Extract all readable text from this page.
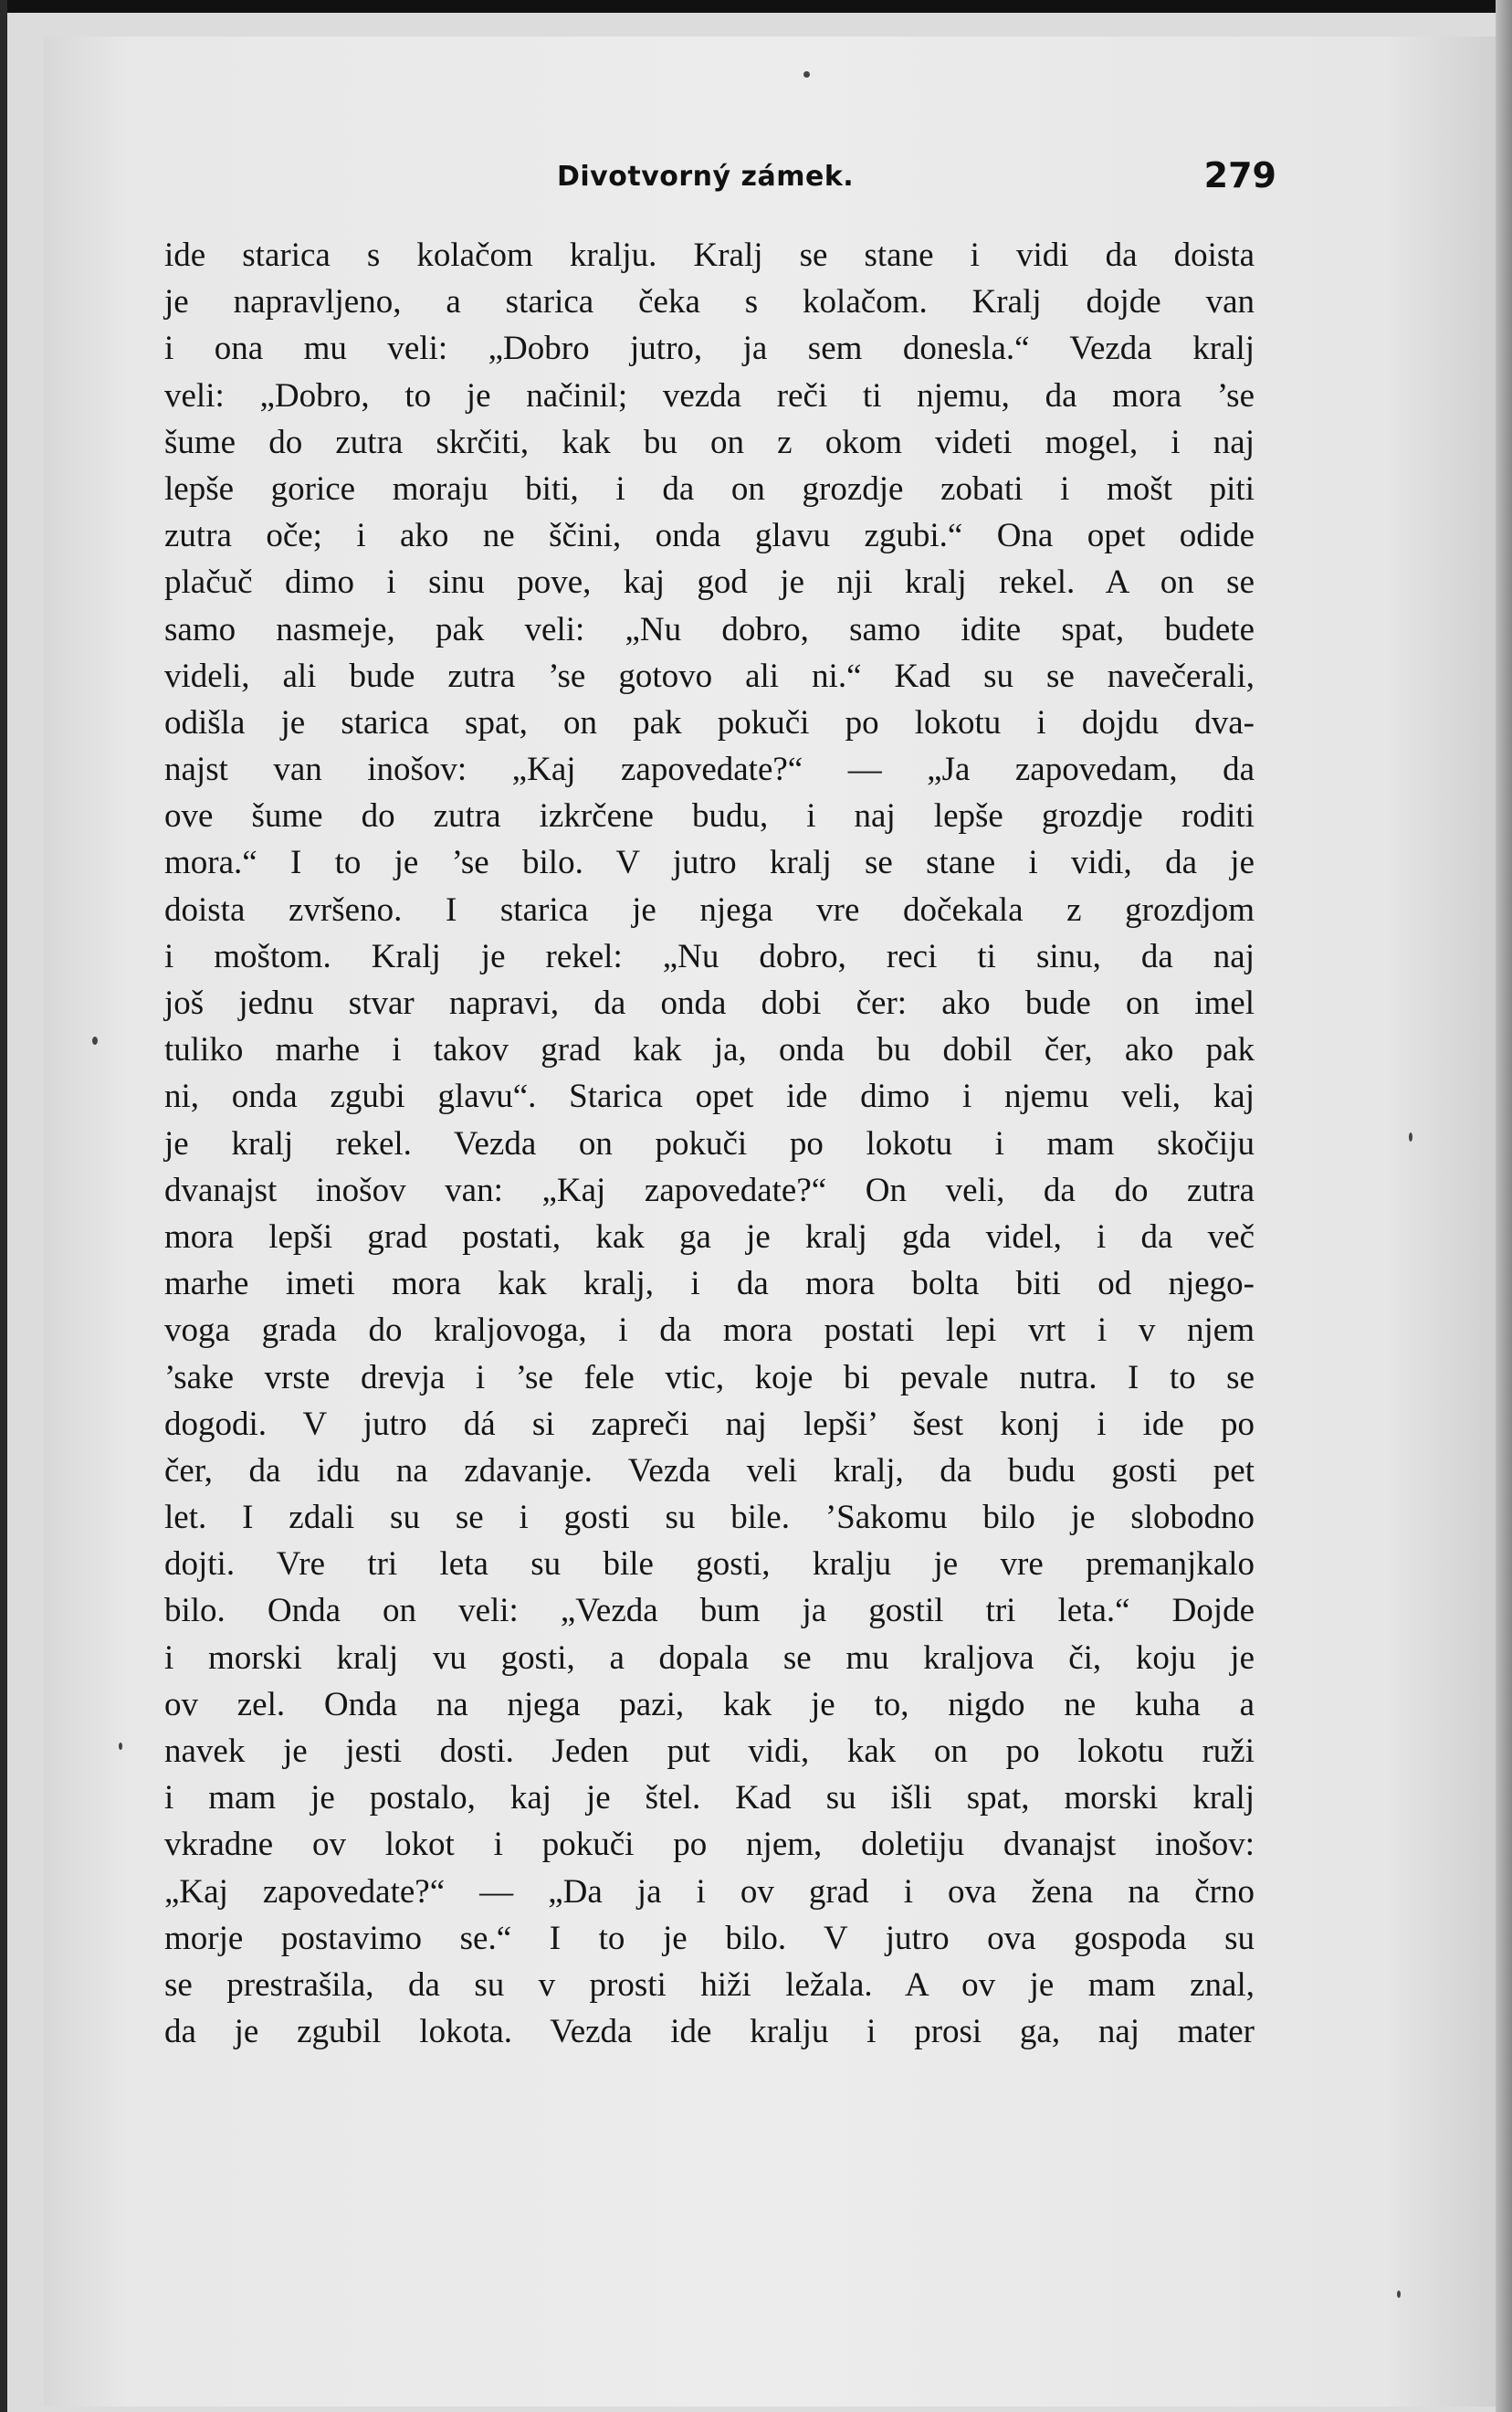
Divotvorný zámek.	279
ide starica s kolačom kralju. Kralj se stane i vidi da doista
je napravljeno, a starica čeka s kolačom. Kralj dojde van
i ona mu veli: „Dobro jutro, ja sem donesla.“ Vezda kralj
veli: „Dobro, to je načinil; vezda reči ti njemu, da mora ’se
šume do zutra skrčiti, kak bu on z okom videti mogel, i naj
lepše gorice moraju biti, i da on grozdje zobati i mošt piti
zutra oče; i ako ne ščini, onda glavu zgubi.“ Ona opet odide
plačuč dimo i sinu pove, kaj god je nji kralj rekel. A on se
samo nasmeje, pak veli: „Nu dobro, samo idite spat, budete
videli, ali bude zutra ’se gotovo ali ni.“ Kad su se navečerali,
odišla je starica spat, on pak pokuči po lokotu i dojdu dva-
najst van inošov: „Kaj zapovedate?“ — „Ja zapovedam, da
ove šume do zutra izkrčene budu, i naj lepše grozdje roditi
mora.“ I to je ’se bilo. V jutro kralj se stane i vidi, da je
doista zvršeno. I starica je njega vre dočekala z grozdjom
i moštom. Kralj je rekel: „Nu dobro, reci ti sinu, da naj
još jednu stvar napravi, da onda dobi čer: ako bude on imel
tuliko marhe i takov grad kak ja, onda bu dobil čer, ako pak
ni, onda zgubi glavu“. Starica opet ide dimo i njemu veli, kaj
je kralj rekel. Vezda on pokuči po lokotu i mam skočiju
dvanajst inošov van: „Kaj zapovedate?“ On veli, da do zutra
mora lepši grad postati, kak ga je kralj gda videl, i da več
marhe imeti mora kak kralj, i da mora bolta biti od njego-
voga grada do kraljovoga, i da mora postati lepi vrt i v njem
’sake vrste drevja i ’se fele vtic, koje bi pevale nutra. I to se
dogodi. V jutro dá si zapreči naj lepši’ šest konj i ide po
čer, da idu na zdavanje. Vezda veli kralj, da budu gosti pet
let. I zdali su se i gosti su bile. ’Sakomu bilo je slobodno
dojti. Vre tri leta su bile gosti, kralju je vre premanjkalo
bilo. Onda on veli: „Vezda bum ja gostil tri leta.“ Dojde
i morski kralj vu gosti, a dopala se mu kraljova či, koju je
ov zel. Onda na njega pazi, kak je to, nigdo ne kuha a
navek je jesti dosti. Jeden put vidi, kak on po lokotu ruži
i mam je postalo, kaj je štel. Kad su išli spat, morski kralj
vkradne ov lokot i pokuči po njem, doletiju dvanajst inošov:
„Kaj zapovedate?“ — „Da ja i ov grad i ova žena na črno
morje postavimo se.“ I to je bilo. V jutro ova gospoda su
se prestrašila, da su v prosti hiži ležala. A ov je mam znal,
da je zgubil lokota. Vezda ide kralju i prosi ga, naj mater
